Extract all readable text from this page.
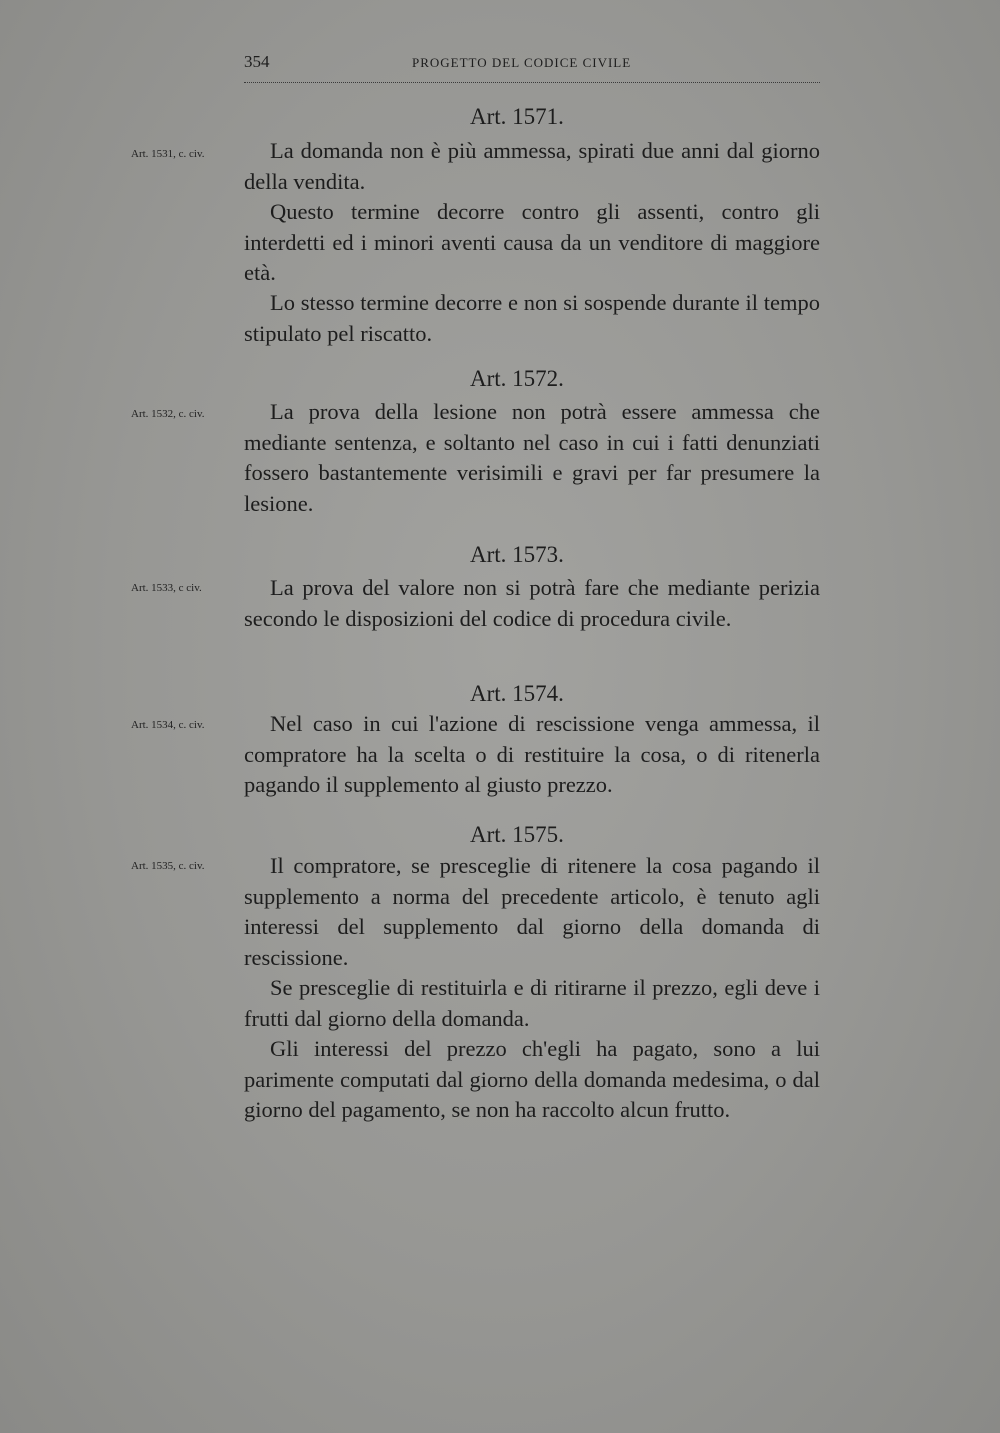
354	PROGETTO DEL CODICE CIVILE
Art. 1571.
Art. 1531, c. civ.	La domanda non è più ammessa, spirati due anni dal giorno della vendita.

Questo termine decorre contro gli assenti, contro gli interdetti ed i minori aventi causa da un venditore di maggiore età.

Lo stesso termine decorre e non si sospende durante il tempo stipulato pel riscatto.

Art. 1572.
Art. 1532, c. civ.	La prova della lesione non potrà essere ammessa che mediante sentenza, e soltanto nel caso in cui i fatti denunziati fossero bastantemente verisimili e gravi per far presumere la lesione.

Art. 1573.
Art. 1533, c civ.	La prova del valore non si potrà fare che mediante perizia secondo le disposizioni del codice di procedura civile.

Art. 1574.
Art. 1534, c. civ.	Nel caso in cui l'azione di rescissione venga ammessa, il compratore ha la scelta o di restituire la cosa, o di ritenerla pagando il supplemento al giusto prezzo.

Art. 1575.
Art. 1535, c. civ.	Il compratore, se presceglie di ritenere la cosa pagando il supplemento a norma del precedente articolo, è tenuto agli interessi del supplemento dal giorno della domanda di rescissione.

Se presceglie di restituirla e di ritirarne il prezzo, egli deve i frutti dal giorno della domanda.

Gli interessi del prezzo ch'egli ha pagato, sono a lui parimente computati dal giorno della domanda medesima, o dal giorno del pagamento, se non ha raccolto alcun frutto.
